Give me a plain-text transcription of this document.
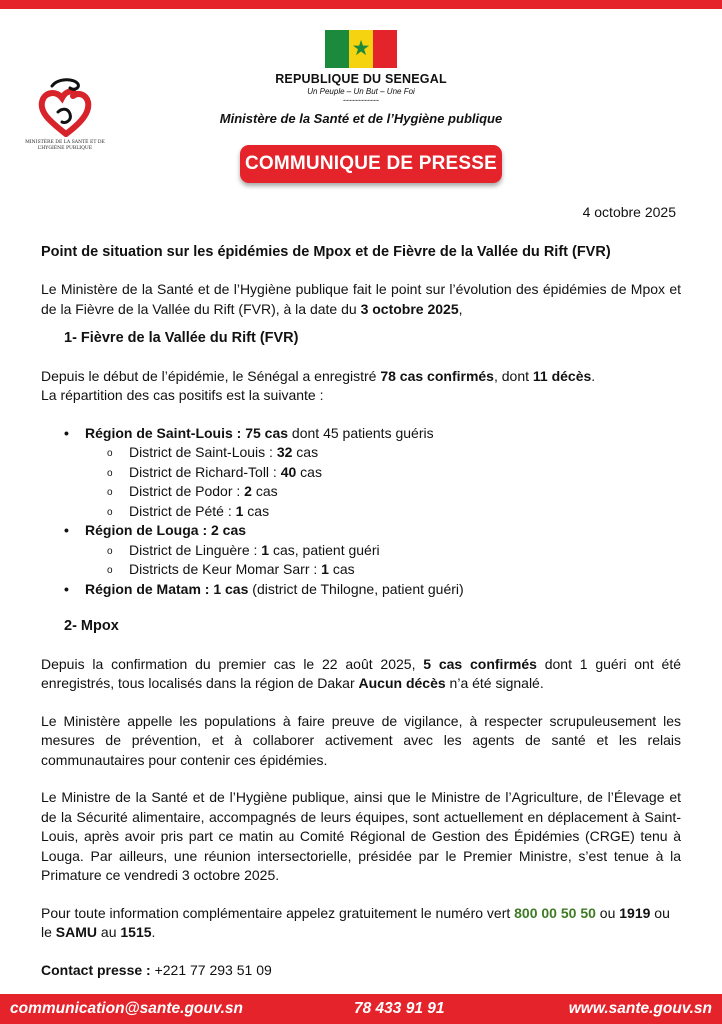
★
MINISTÈRE DE LA SANTÉ ET DE L’HYGIÈNE PUBLIQUE
REPUBLIQUE DU SENEGAL
Un Peuple – Un But – Une Foi
------------
Ministère de la Santé et de l’Hygiène publique
COMMUNIQUE DE PRESSE
4 octobre 2025

Point de situation sur les épidémies de Mpox et de Fièvre de la Vallée du Rift (FVR)

Le Ministère de la Santé et de l’Hygiène publique fait le point sur l’évolution des épidémies de Mpox et de la Fièvre de la Vallée du Rift (FVR), à la date du 3 octobre 2025,

1- Fièvre de la Vallée du Rift (FVR)

Depuis le début de l’épidémie, le Sénégal a enregistré 78 cas confirmés, dont 11 décès.

La répartition des cas positifs est la suivante :

• Région de Saint-Louis : 75 cas dont 45 patients guéris
o District de Saint-Louis : 32 cas
o District de Richard-Toll : 40 cas
o District de Podor : 2 cas
o District de Pété : 1 cas
• Région de Louga : 2 cas
o District de Linguère : 1 cas, patient guéri
o Districts de Keur Momar Sarr : 1 cas
• Région de Matam : 1 cas (district de Thilogne, patient guéri)

2- Mpox

Depuis la confirmation du premier cas le 22 août 2025, 5 cas confirmés dont 1 guéri ont été enregistrés, tous localisés dans la région de Dakar Aucun décès n’a été signalé.

Le Ministère appelle les populations à faire preuve de vigilance, à respecter scrupuleusement les mesures de prévention, et à collaborer activement avec les agents de santé et les relais communautaires pour contenir ces épidémies.

Le Ministre de la Santé et de l’Hygiène publique, ainsi que le Ministre de l’Agriculture, de l’Élevage et de la Sécurité alimentaire, accompagnés de leurs équipes, sont actuellement en déplacement à Saint-Louis, après avoir pris part ce matin au Comité Régional de Gestion des Épidémies (CRGE) tenu à Louga. Par ailleurs, une réunion intersectorielle, présidée par le Premier Ministre, s’est tenue à la Primature ce vendredi 3 octobre 2025.

Pour toute information complémentaire appelez gratuitement le numéro vert 800 00 50 50 ou 1919 ou le SAMU au 1515.

Contact presse : +221 77 293 51 09

communication@sante.gouv.sn	78 433 91 91	www.sante.gouv.sn
